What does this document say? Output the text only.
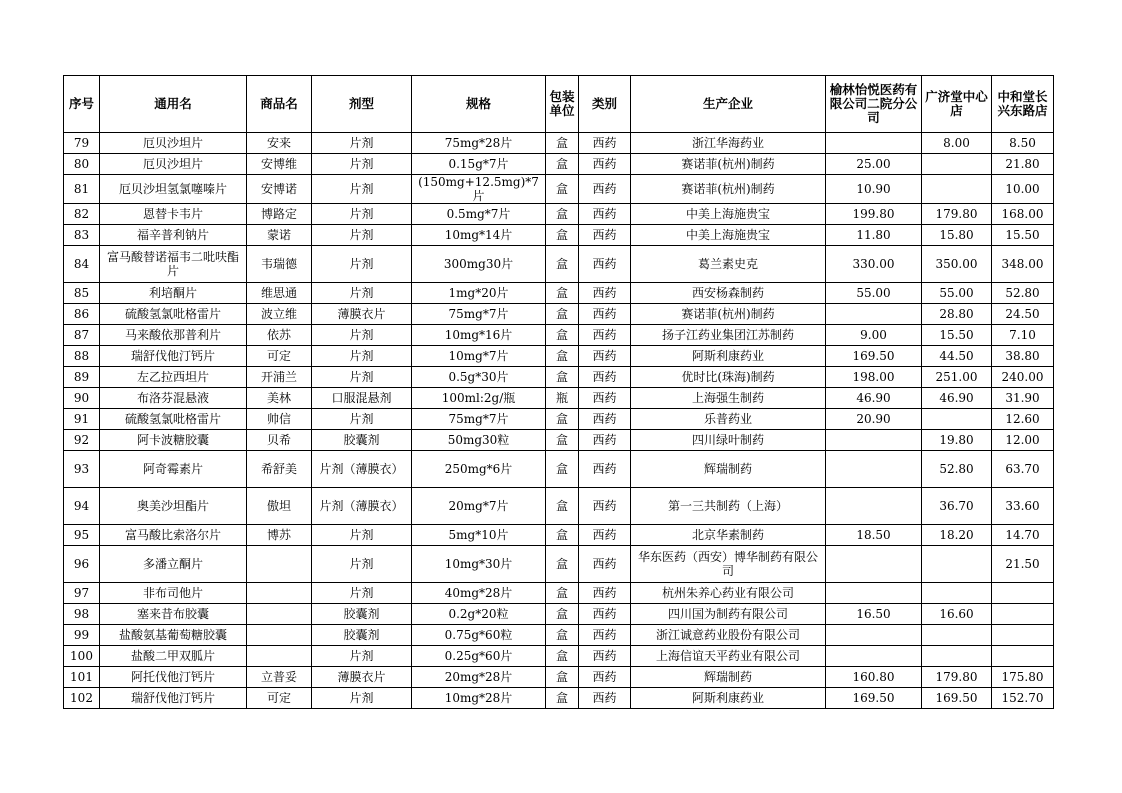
序号	通用名	商品名	剂型	规格	包装单位	类别	生产企业	榆林怡悦医药有限公司二院分公司	广济堂中心店	中和堂长兴东路店
79	厄贝沙坦片	安来	片剂	75mg*28片	盒	西药	浙江华海药业		8.00	8.50
80	厄贝沙坦片	安博维	片剂	0.15g*7片	盒	西药	赛诺菲(杭州)制药	25.00		21.80
81	厄贝沙坦氢氯噻嗪片	安博诺	片剂	(150mg+12.5mg)*7片	盒	西药	赛诺菲(杭州)制药	10.90		10.00
82	恩替卡韦片	博路定	片剂	0.5mg*7片	盒	西药	中美上海施贵宝	199.80	179.80	168.00
83	福辛普利钠片	蒙诺	片剂	10mg*14片	盒	西药	中美上海施贵宝	11.80	15.80	15.50
84	富马酸替诺福韦二吡呋酯片	韦瑞德	片剂	300mg30片	盒	西药	葛兰素史克	330.00	350.00	348.00
85	利培酮片	维思通	片剂	1mg*20片	盒	西药	西安杨森制药	55.00	55.00	52.80
86	硫酸氢氯吡格雷片	波立维	薄膜衣片	75mg*7片	盒	西药	赛诺菲(杭州)制药		28.80	24.50
87	马来酸依那普利片	依苏	片剂	10mg*16片	盒	西药	扬子江药业集团江苏制药	9.00	15.50	7.10
88	瑞舒伐他汀钙片	可定	片剂	10mg*7片	盒	西药	阿斯利康药业	169.50	44.50	38.80
89	左乙拉西坦片	开浦兰	片剂	0.5g*30片	盒	西药	优时比(珠海)制药	198.00	251.00	240.00
90	布洛芬混悬液	美林	口服混悬剂	100ml:2g/瓶	瓶	西药	上海强生制药	46.90	46.90	31.90
91	硫酸氢氯吡格雷片	帅信	片剂	75mg*7片	盒	西药	乐普药业	20.90		12.60
92	阿卡波糖胶囊	贝希	胶囊剂	50mg30粒	盒	西药	四川绿叶制药		19.80	12.00
93	阿奇霉素片	希舒美	片剂（薄膜衣）	250mg*6片	盒	西药	辉瑞制药		52.80	63.70
94	奥美沙坦酯片	傲坦	片剂（薄膜衣）	20mg*7片	盒	西药	第一三共制药（上海）		36.70	33.60
95	富马酸比索洛尔片	博苏	片剂	5mg*10片	盒	西药	北京华素制药	18.50	18.20	14.70
96	多潘立酮片		片剂	10mg*30片	盒	西药	华东医药（西安）博华制药有限公司			21.50
97	非布司他片		片剂	40mg*28片	盒	西药	杭州朱养心药业有限公司			
98	塞来昔布胶囊		胶囊剂	0.2g*20粒	盒	西药	四川国为制药有限公司	16.50	16.60	
99	盐酸氨基葡萄糖胶囊		胶囊剂	0.75g*60粒	盒	西药	浙江诚意药业股份有限公司			
100	盐酸二甲双胍片		片剂	0.25g*60片	盒	西药	上海信谊天平药业有限公司			
101	阿托伐他汀钙片	立普妥	薄膜衣片	20mg*28片	盒	西药	辉瑞制药	160.80	179.80	175.80
102	瑞舒伐他汀钙片	可定	片剂	10mg*28片	盒	西药	阿斯利康药业	169.50	169.50	152.70
